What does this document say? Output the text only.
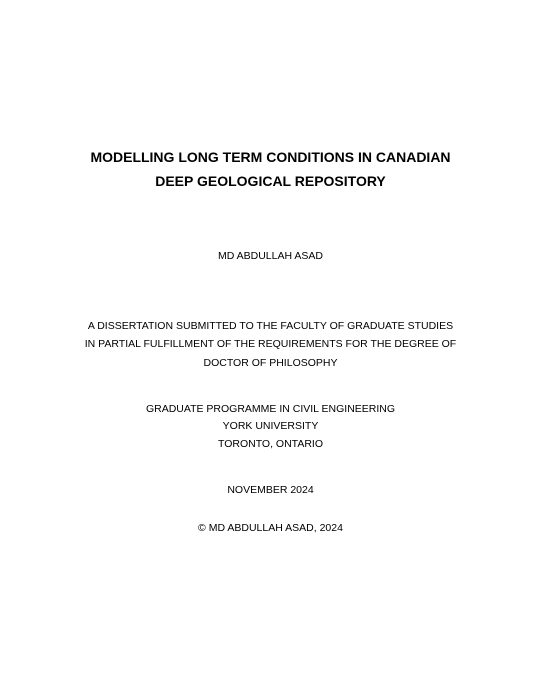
MODELLING LONG TERM CONDITIONS IN CANADIAN
DEEP GEOLOGICAL REPOSITORY
MD ABDULLAH ASAD
A DISSERTATION SUBMITTED TO THE FACULTY OF GRADUATE STUDIES
IN PARTIAL FULFILLMENT OF THE REQUIREMENTS FOR THE DEGREE OF
DOCTOR OF PHILOSOPHY
GRADUATE PROGRAMME IN CIVIL ENGINEERING
YORK UNIVERSITY
TORONTO, ONTARIO
NOVEMBER 2024
© MD ABDULLAH ASAD, 2024
